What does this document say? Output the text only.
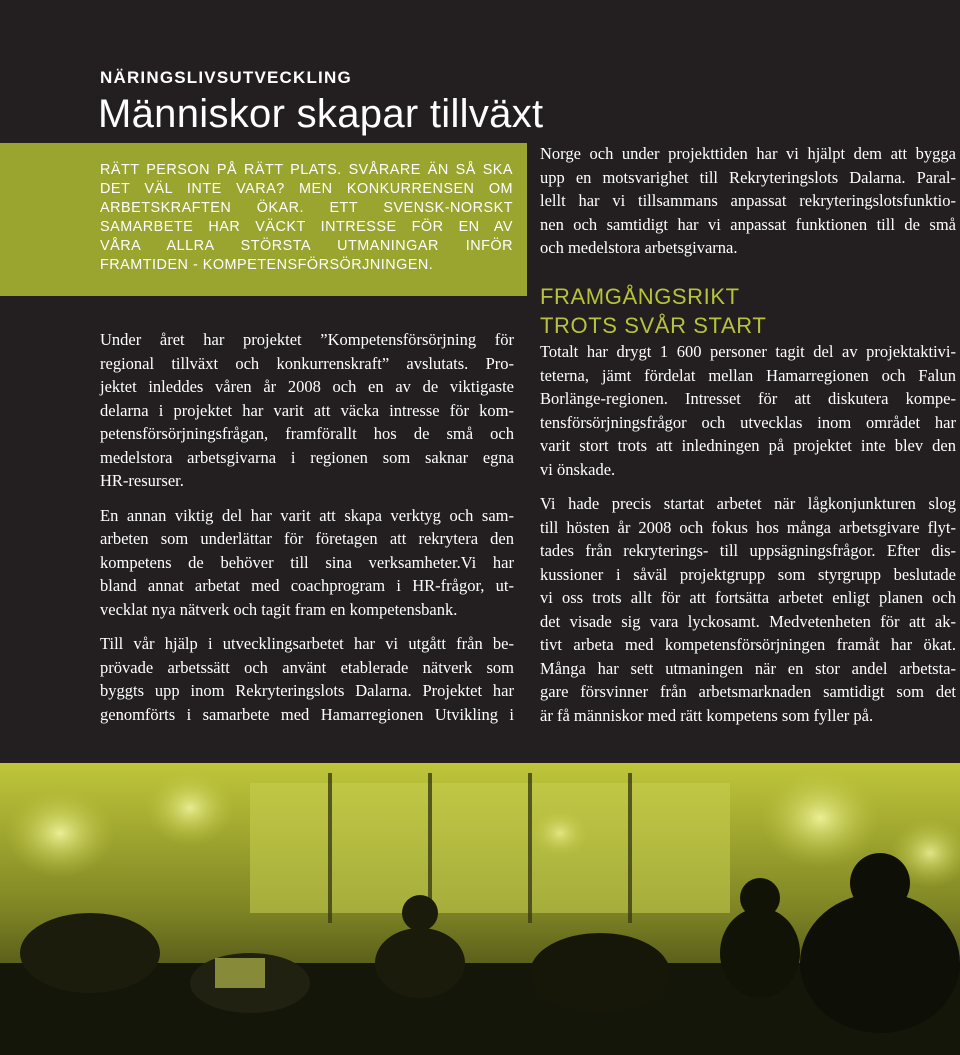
NÄRINGSLIVSUTVECKLING
Människor skapar tillväxt
RÄTT PERSON PÅ RÄTT PLATS. SVÅRARE ÄN SÅ SKA
DET VÄL INTE VARA? MEN KONKURRENSEN OM
ARBETSKRAFTEN ÖKAR. ETT SVENSK-NORSKT
SAMARBETE HAR VÄCKT INTRESSE FÖR EN AV
VÅRA ALLRA STÖRSTA UTMANINGAR INFÖR
FRAMTIDEN - KOMPETENSFÖRSÖRJNINGEN.
Under året har projektet ”Kompetensförsörjning för
regional tillväxt och konkurrenskraft” avslutats. Pro-
jektet inleddes våren år 2008 och en av de viktigaste
delarna i projektet har varit att väcka intresse för kom-
petensförsörjningsfrågan, framförallt hos de små och
medelstora arbetsgivarna i regionen som saknar egna
HR-resurser.
En annan viktig del har varit att skapa verktyg och sam-
arbeten som underlättar för företagen att rekrytera den
kompetens de behöver till sina verksamheter.Vi har
bland annat arbetat med coachprogram i HR-frågor, ut-
vecklat nya nätverk och tagit fram en kompetensbank.
Till vår hjälp i utvecklingsarbetet har vi utgått från be-
prövade arbetssätt och använt etablerade nätverk som
byggts upp inom Rekryteringslots Dalarna. Projektet har
genomförts i samarbete med Hamarregionen Utvikling i
Norge och under projekttiden har vi hjälpt dem att bygga
upp en motsvarighet till Rekryteringslots Dalarna. Paral-
lellt har vi tillsammans anpassat rekryteringslotsfunktio-
nen och samtidigt har vi anpassat funktionen till de små
och medelstora arbetsgivarna.
FRAMGÅNGSRIKT
TROTS SVÅR START
Totalt har drygt 1 600 personer tagit del av projektaktivi-
teterna, jämt fördelat mellan Hamarregionen och Falun
Borlänge-regionen. Intresset för att diskutera kompe-
tensförsörjningsfrågor och utvecklas inom området har
varit stort trots att inledningen på projektet inte blev den
vi önskade.
Vi hade precis startat arbetet när lågkonjunkturen slog
till hösten år 2008 och fokus hos många arbetsgivare flyt-
tades från rekryterings- till uppsägningsfrågor. Efter dis-
kussioner i såväl projektgrupp som styrgrupp beslutade
vi oss trots allt för att fortsätta arbetet enligt planen och
det visade sig vara lyckosamt. Medvetenheten för att ak-
tivt arbeta med kompetensförsörjningen framåt har ökat.
Många har sett utmaningen när en stor andel arbetsta-
gare försvinner från arbetsmarknaden samtidigt som det
är få människor med rätt kompetens som fyller på.
